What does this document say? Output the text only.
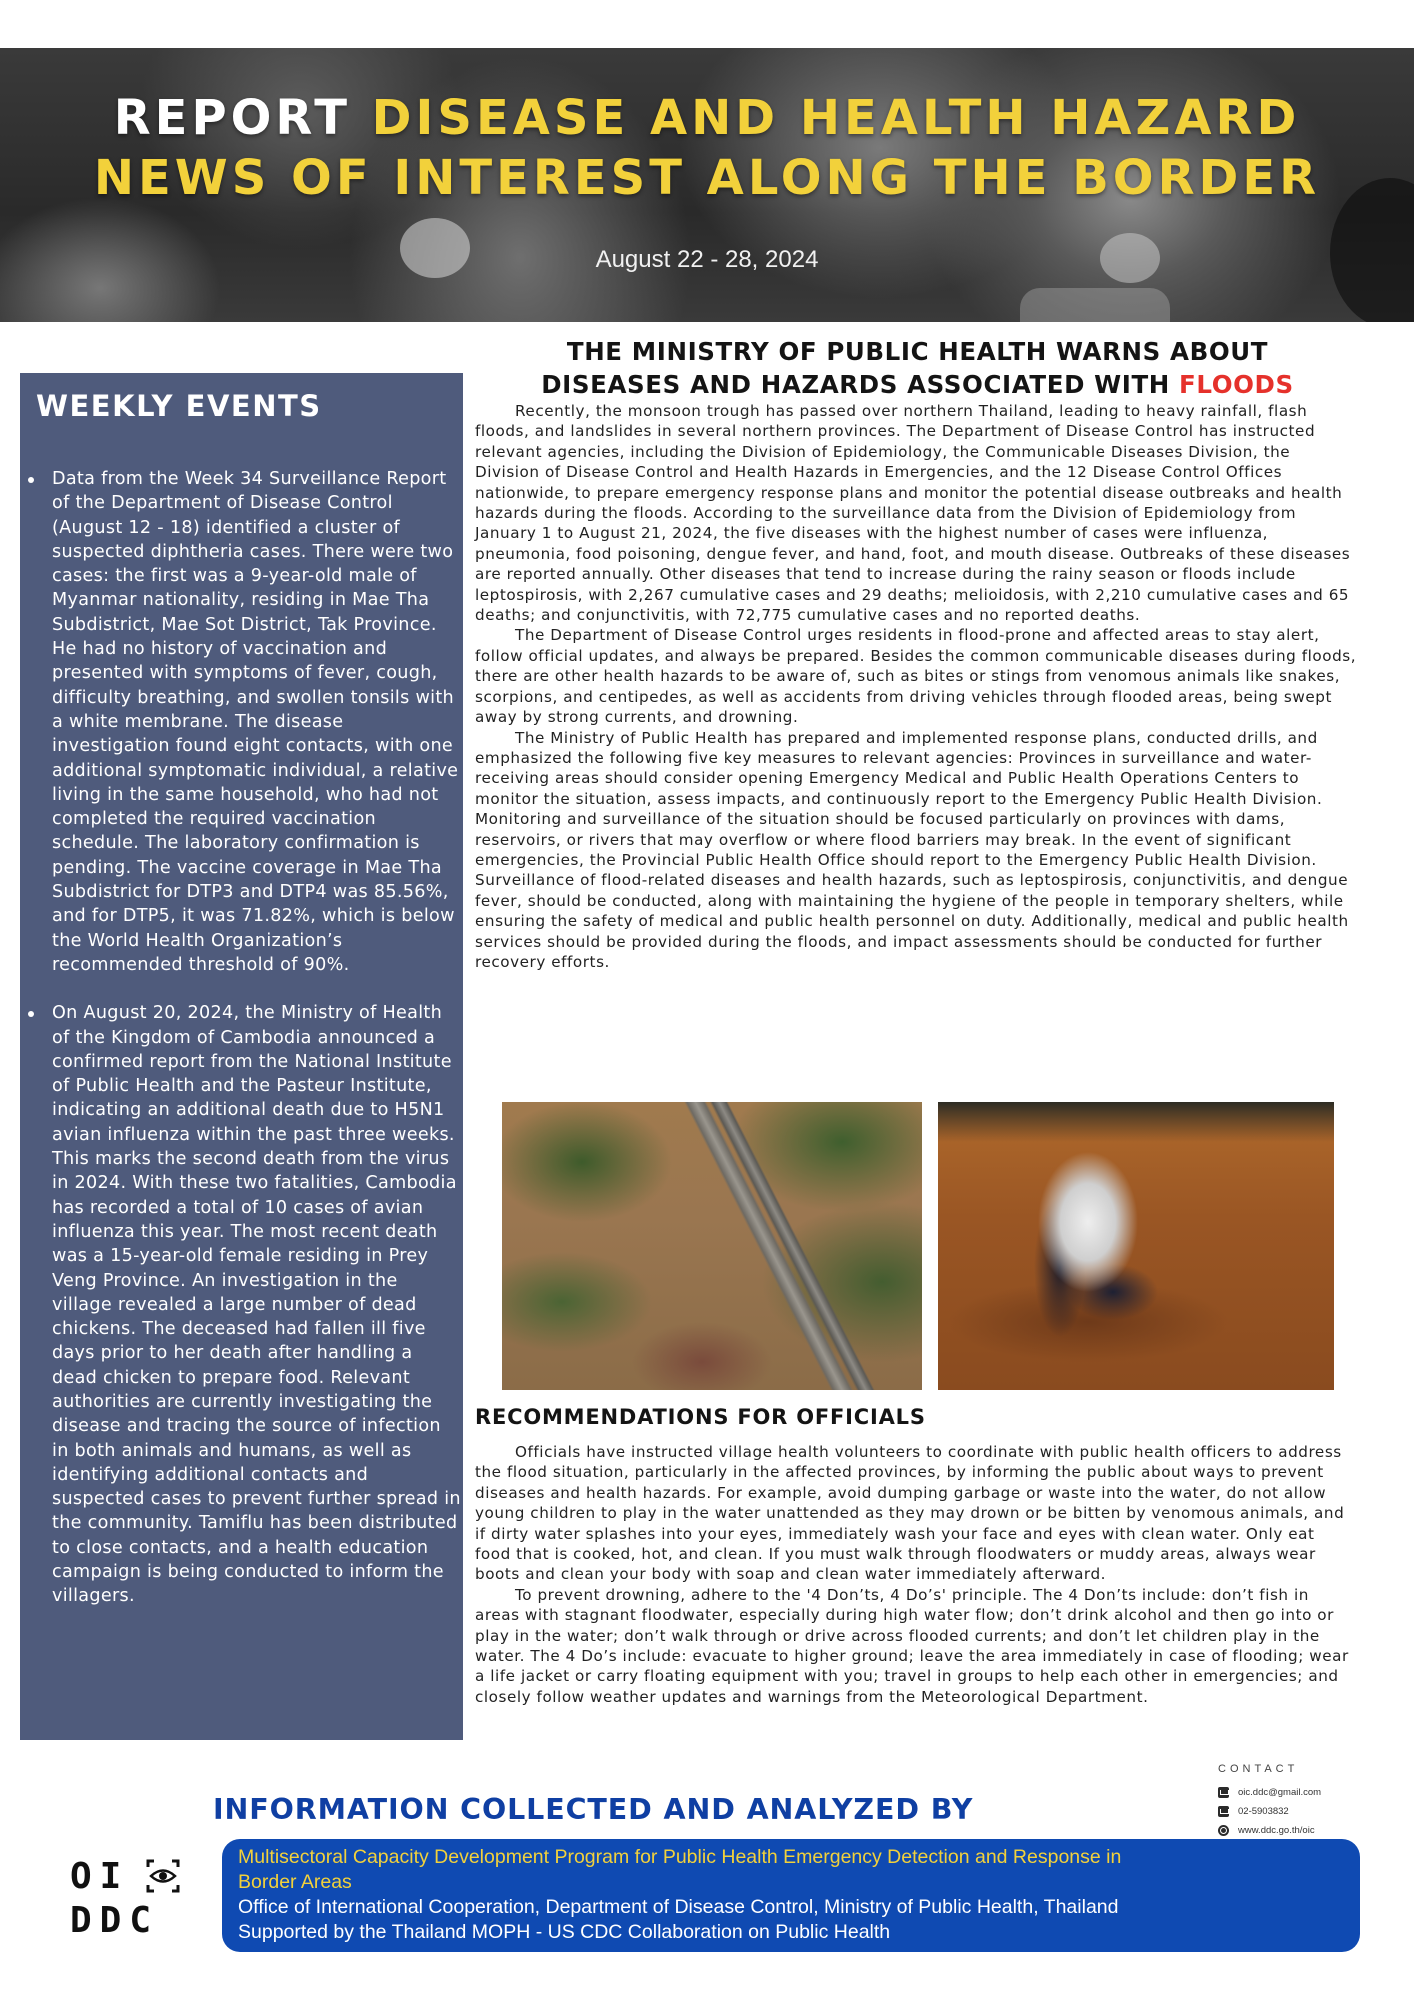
REPORT DISEASE AND HEALTH HAZARD
NEWS OF INTEREST ALONG THE BORDER
August 22 - 28, 2024
WEEKLY EVENTS
Data from the Week 34 Surveillance Report of the Department of Disease Control (August 12 - 18) identified a cluster of suspected diphtheria cases. There were two cases: the first was a 9-year-old male of Myanmar nationality, residing in Mae Tha Subdistrict, Mae Sot District, Tak Province. He had no history of vaccination and presented with symptoms of fever, cough, difficulty breathing, and swollen tonsils with a white membrane. The disease investigation found eight contacts, with one additional symptomatic individual, a relative living in the same household, who had not completed the required vaccination schedule. The laboratory confirmation is pending. The vaccine coverage in Mae Tha Subdistrict for DTP3 and DTP4 was 85.56%, and for DTP5, it was 71.82%, which is below the World Health Organization’s recommended threshold of 90%.
On August 20, 2024, the Ministry of Health of the Kingdom of Cambodia announced a confirmed report from the National Institute of Public Health and the Pasteur Institute, indicating an additional death due to H5N1 avian influenza within the past three weeks. This marks the second death from the virus in 2024. With these two fatalities, Cambodia has recorded a total of 10 cases of avian influenza this year. The most recent death was a 15-year-old female residing in Prey Veng Province. An investigation in the village revealed a large number of dead chickens. The deceased had fallen ill five days prior to her death after handling a dead chicken to prepare food. Relevant authorities are currently investigating the disease and tracing the source of infection in both animals and humans, as well as identifying additional contacts and suspected cases to prevent further spread in the community. Tamiflu has been distributed to close contacts, and a health education campaign is being conducted to inform the villagers.
THE MINISTRY OF PUBLIC HEALTH WARNS ABOUT
DISEASES AND HAZARDS ASSOCIATED WITH FLOODS

Recently, the monsoon trough has passed over northern Thailand, leading to heavy rainfall, flash floods, and landslides in several northern provinces. The Department of Disease Control has instructed relevant agencies, including the Division of Epidemiology, the Communicable Diseases Division, the Division of Disease Control and Health Hazards in Emergencies, and the 12 Disease Control Offices nationwide, to prepare emergency response plans and monitor the potential disease outbreaks and health hazards during the floods. According to the surveillance data from the Division of Epidemiology from January 1 to August 21, 2024, the five diseases with the highest number of cases were influenza, pneumonia, food poisoning, dengue fever, and hand, foot, and mouth disease. Outbreaks of these diseases are reported annually. Other diseases that tend to increase during the rainy season or floods include leptospirosis, with 2,267 cumulative cases and 29 deaths; melioidosis, with 2,210 cumulative cases and 65 deaths; and conjunctivitis, with 72,775 cumulative cases and no reported deaths.

The Department of Disease Control urges residents in flood-prone and affected areas to stay alert, follow official updates, and always be prepared. Besides the common communicable diseases during floods, there are other health hazards to be aware of, such as bites or stings from venomous animals like snakes, scorpions, and centipedes, as well as accidents from driving vehicles through flooded areas, being swept away by strong currents, and drowning.

The Ministry of Public Health has prepared and implemented response plans, conducted drills, and emphasized the following five key measures to relevant agencies: Provinces in surveillance and water-receiving areas should consider opening Emergency Medical and Public Health Operations Centers to monitor the situation, assess impacts, and continuously report to the Emergency Public Health Division. Monitoring and surveillance of the situation should be focused particularly on provinces with dams, reservoirs, or rivers that may overflow or where flood barriers may break. In the event of significant emergencies, the Provincial Public Health Office should report to the Emergency Public Health Division. Surveillance of flood-related diseases and health hazards, such as leptospirosis, conjunctivitis, and dengue fever, should be conducted, along with maintaining the hygiene of the people in temporary shelters, while ensuring the safety of medical and public health personnel on duty. Additionally, medical and public health services should be provided during the floods, and impact assessments should be conducted for further recovery efforts.

RECOMMENDATIONS FOR OFFICIALS

Officials have instructed village health volunteers to coordinate with public health officers to address the flood situation, particularly in the affected provinces, by informing the public about ways to prevent diseases and health hazards. For example, avoid dumping garbage or waste into the water, do not allow young children to play in the water unattended as they may drown or be bitten by venomous animals, and if dirty water splashes into your eyes, immediately wash your face and eyes with clean water. Only eat food that is cooked, hot, and clean. If you must walk through floodwaters or muddy areas, always wear boots and clean your body with soap and clean water immediately afterward.

To prevent drowning, adhere to the '4 Don’ts, 4 Do’s' principle. The 4 Don’ts include: don’t fish in areas with stagnant floodwater, especially during high water flow; don’t drink alcohol and then go into or play in the water; don’t walk through or drive across flooded currents; and don’t let children play in the water. The 4 Do’s include: evacuate to higher ground; leave the area immediately in case of flooding; wear a life jacket or carry floating equipment with you; travel in groups to help each other in emergencies; and closely follow weather updates and warnings from the Meteorological Department.

CONTACT
oic.ddc@gmail.com
02-5903832
www.ddc.go.th/oic
INFORMATION COLLECTED AND ANALYZED BY
OI
DDC
Multisectoral Capacity Development Program for Public Health Emergency Detection and Response in
Border Areas
Office of International Cooperation, Department of Disease Control, Ministry of Public Health, Thailand
Supported by the Thailand MOPH - US CDC Collaboration on Public Health
